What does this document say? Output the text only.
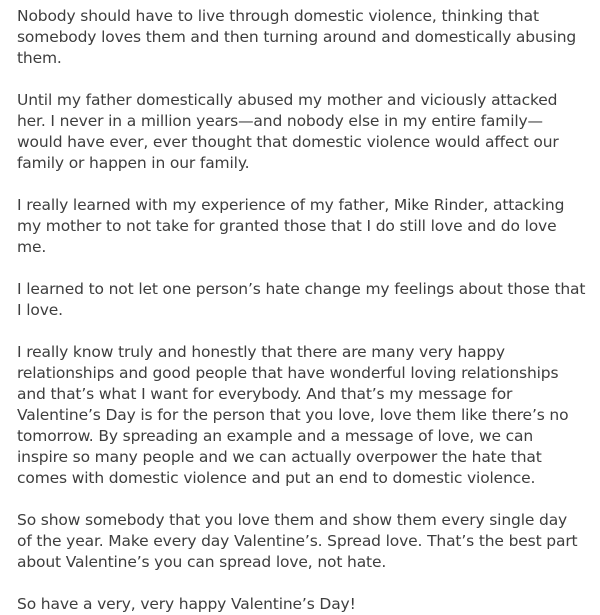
Nobody should have to live through domestic violence, thinking that somebody loves them and then turning around and domestically abusing them.

Until my father domestically abused my mother and viciously attacked her. I never in a million years—and nobody else in my entire family—would have ever, ever thought that domestic violence would affect our family or happen in our family.

I really learned with my experience of my father, Mike Rinder, attacking my mother to not take for granted those that I do still love and do love me.

I learned to not let one person’s hate change my feelings about those that I love.

I really know truly and honestly that there are many very happy relationships and good people that have wonderful loving relationships and that’s what I want for everybody. And that’s my message for Valentine’s Day is for the person that you love, love them like there’s no tomorrow. By spreading an example and a message of love, we can inspire so many people and we can actually overpower the hate that comes with domestic violence and put an end to domestic violence.

So show somebody that you love them and show them every single day of the year. Make every day Valentine’s. Spread love. That’s the best part about Valentine’s you can spread love, not hate.

So have a very, very happy Valentine’s Day!
